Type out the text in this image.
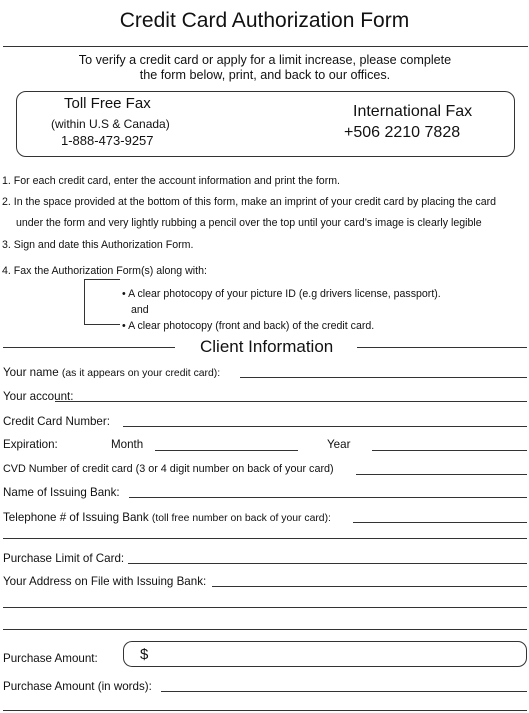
Credit Card Authorization Form
To verify a credit card or apply for a limit increase, please complete
the form below, print, and back to our offices.
Toll Free Fax
(within U.S & Canada)
1-888-473-9257
International Fax
+506 2210 7828
1. For each credit card, enter the account information and print the form.
2. In the space provided at the bottom of this form, make an imprint of your credit card by placing the card
under the form and very lightly rubbing a pencil over the top until your card’s image is clearly legible
3. Sign and date this Authorization Form.
4. Fax the Authorization Form(s) along with:
• A clear photocopy of your picture ID (e.g drivers license, passport).
and
• A clear photocopy (front and back) of the credit card.
Client Information
Your name (as it appears on your credit card):
Your account:
Credit Card Number:
Expiration:	Month	Year
CVD Number of credit card (3 or 4 digit number on back of your card)
Name of Issuing Bank:
Telephone # of Issuing Bank (toll free number on back of your card):
Purchase Limit of Card:
Your Address on File with Issuing Bank:
Purchase Amount:	$
Purchase Amount (in words):
